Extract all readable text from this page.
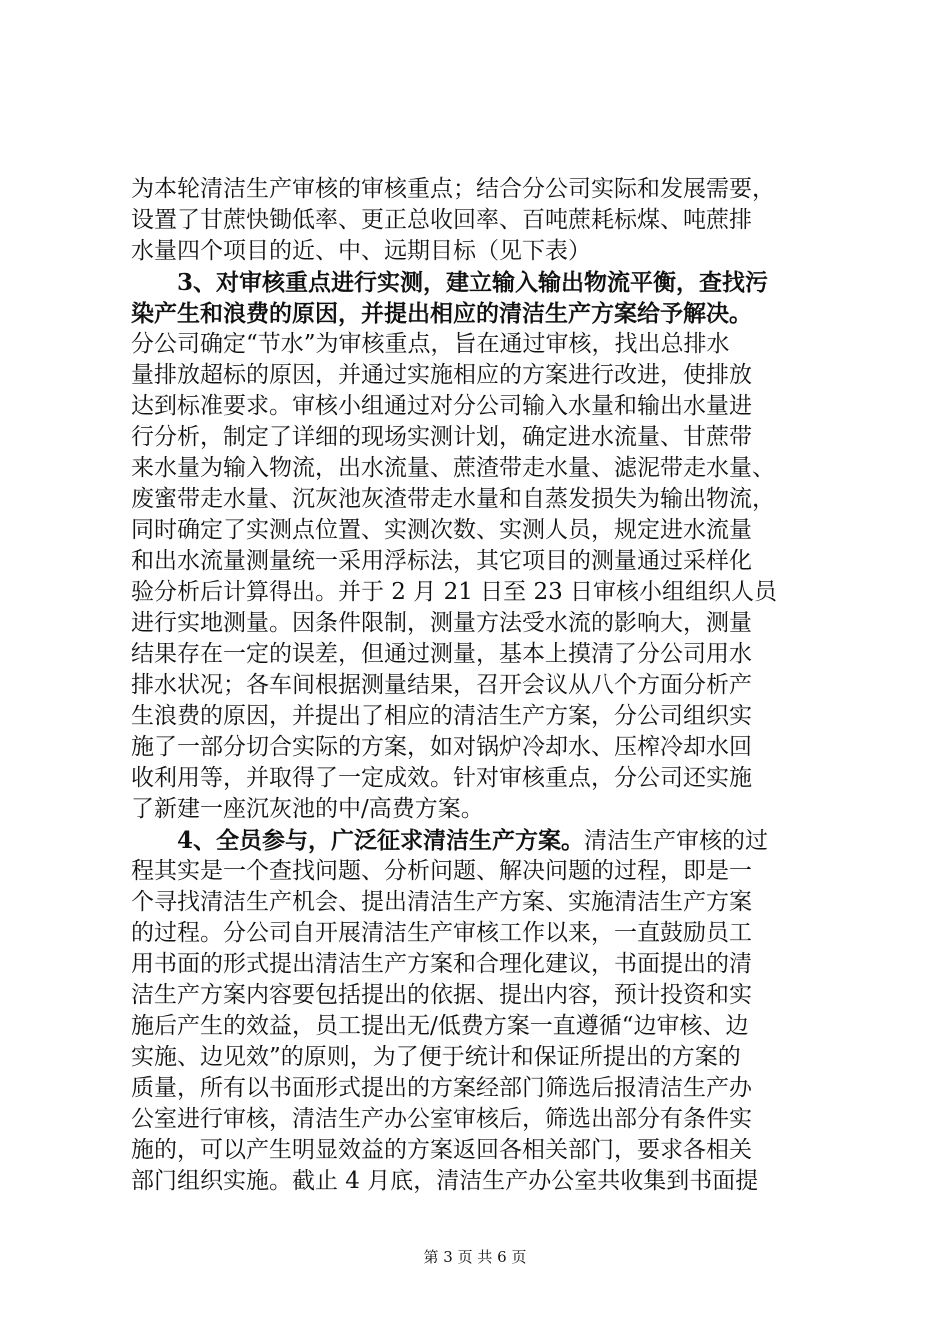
为本轮清洁生产审核的审核重点；结合分公司实际和发展需要，
设置了甘蔗快锄低率、更正总收回率、百吨蔗耗标煤、吨蔗排
水量四个项目的近、中、远期目标（见下表）
3、对审核重点进行实测，建立输入输出物流平衡，查找污
染产生和浪费的原因，并提出相应的清洁生产方案给予解决。
分公司确定“节水”为审核重点，旨在通过审核，找出总排水
量排放超标的原因，并通过实施相应的方案进行改进，使排放
达到标准要求。审核小组通过对分公司输入水量和输出水量进
行分析，制定了详细的现场实测计划，确定进水流量、甘蔗带
来水量为输入物流，出水流量、蔗渣带走水量、滤泥带走水量、
废蜜带走水量、沉灰池灰渣带走水量和自蒸发损失为输出物流，
同时确定了实测点位置、实测次数、实测人员，规定进水流量
和出水流量测量统一采用浮标法，其它项目的测量通过采样化
验分析后计算得出。并于 2 月 21 日至 23 日审核小组组织人员
进行实地测量。因条件限制，测量方法受水流的影响大，测量
结果存在一定的误差，但通过测量，基本上摸清了分公司用水
排水状况；各车间根据测量结果，召开会议从八个方面分析产
生浪费的原因，并提出了相应的清洁生产方案，分公司组织实
施了一部分切合实际的方案，如对锅炉冷却水、压榨冷却水回
收利用等，并取得了一定成效。针对审核重点，分公司还实施
了新建一座沉灰池的中/高费方案。
4、全员参与，广泛征求清洁生产方案。清洁生产审核的过
程其实是一个查找问题、分析问题、解决问题的过程，即是一
个寻找清洁生产机会、提出清洁生产方案、实施清洁生产方案
的过程。分公司自开展清洁生产审核工作以来，一直鼓励员工
用书面的形式提出清洁生产方案和合理化建议，书面提出的清
洁生产方案内容要包括提出的依据、提出内容，预计投资和实
施后产生的效益，员工提出无/低费方案一直遵循“边审核、边
实施、边见效”的原则，为了便于统计和保证所提出的方案的
质量，所有以书面形式提出的方案经部门筛选后报清洁生产办
公室进行审核，清洁生产办公室审核后，筛选出部分有条件实
施的，可以产生明显效益的方案返回各相关部门，要求各相关
部门组织实施。截止 4 月底，清洁生产办公室共收集到书面提
第 3 页 共 6 页
